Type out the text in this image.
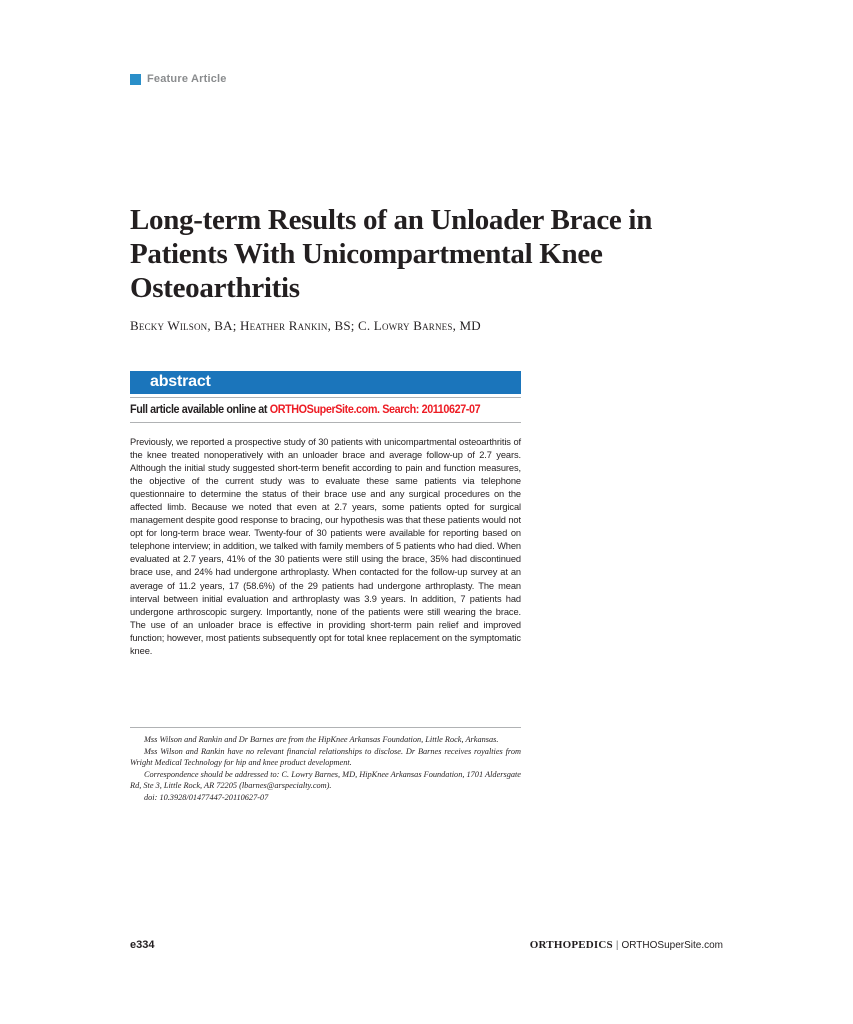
Feature Article
Long-term Results of an Unloader Brace in Patients With Unicompartmental Knee Osteoarthritis
Becky Wilson, BA; Heather Rankin, BS; C. Lowry Barnes, MD
abstract
Full article available online at ORTHOSuperSite.com. Search: 20110627-07

Previously, we reported a prospective study of 30 patients with unicompartmental osteoarthritis of the knee treated nonoperatively with an unloader brace and average follow-up of 2.7 years. Although the initial study suggested short-term benefit according to pain and function measures, the objective of the current study was to evaluate these same patients via telephone questionnaire to determine the status of their brace use and any surgical procedures on the affected limb. Because we noted that even at 2.7 years, some patients opted for surgical management despite good response to bracing, our hypothesis was that these patients would not opt for long-term brace wear. Twenty-four of 30 patients were available for reporting based on telephone interview; in addition, we talked with family members of 5 patients who had died. When evaluated at 2.7 years, 41% of the 30 patients were still using the brace, 35% had discontinued brace use, and 24% had undergone arthroplasty. When contacted for the follow-up survey at an average of 11.2 years, 17 (58.6%) of the 29 patients had undergone arthroplasty. The mean interval between initial evaluation and arthroplasty was 3.9 years. In addition, 7 patients had undergone arthroscopic surgery. Importantly, none of the patients were still wearing the brace. The use of an unloader brace is effective in providing short-term pain relief and improved function; however, most patients subsequently opt for total knee replacement on the symptomatic knee.

Mss Wilson and Rankin and Dr Barnes are from the HipKnee Arkansas Foundation, Little Rock, Arkansas.

Mss Wilson and Rankin have no relevant financial relationships to disclose. Dr Barnes receives royalties from Wright Medical Technology for hip and knee product development.

Correspondence should be addressed to: C. Lowry Barnes, MD, HipKnee Arkansas Foundation, 1701 Aldersgate Rd, Ste 3, Little Rock, AR 72205 (lbarnes@arspecialty.com).

doi: 10.3928/01477447-20110627-07

e334	ORTHOPEDICS | ORTHOSuperSite.com
